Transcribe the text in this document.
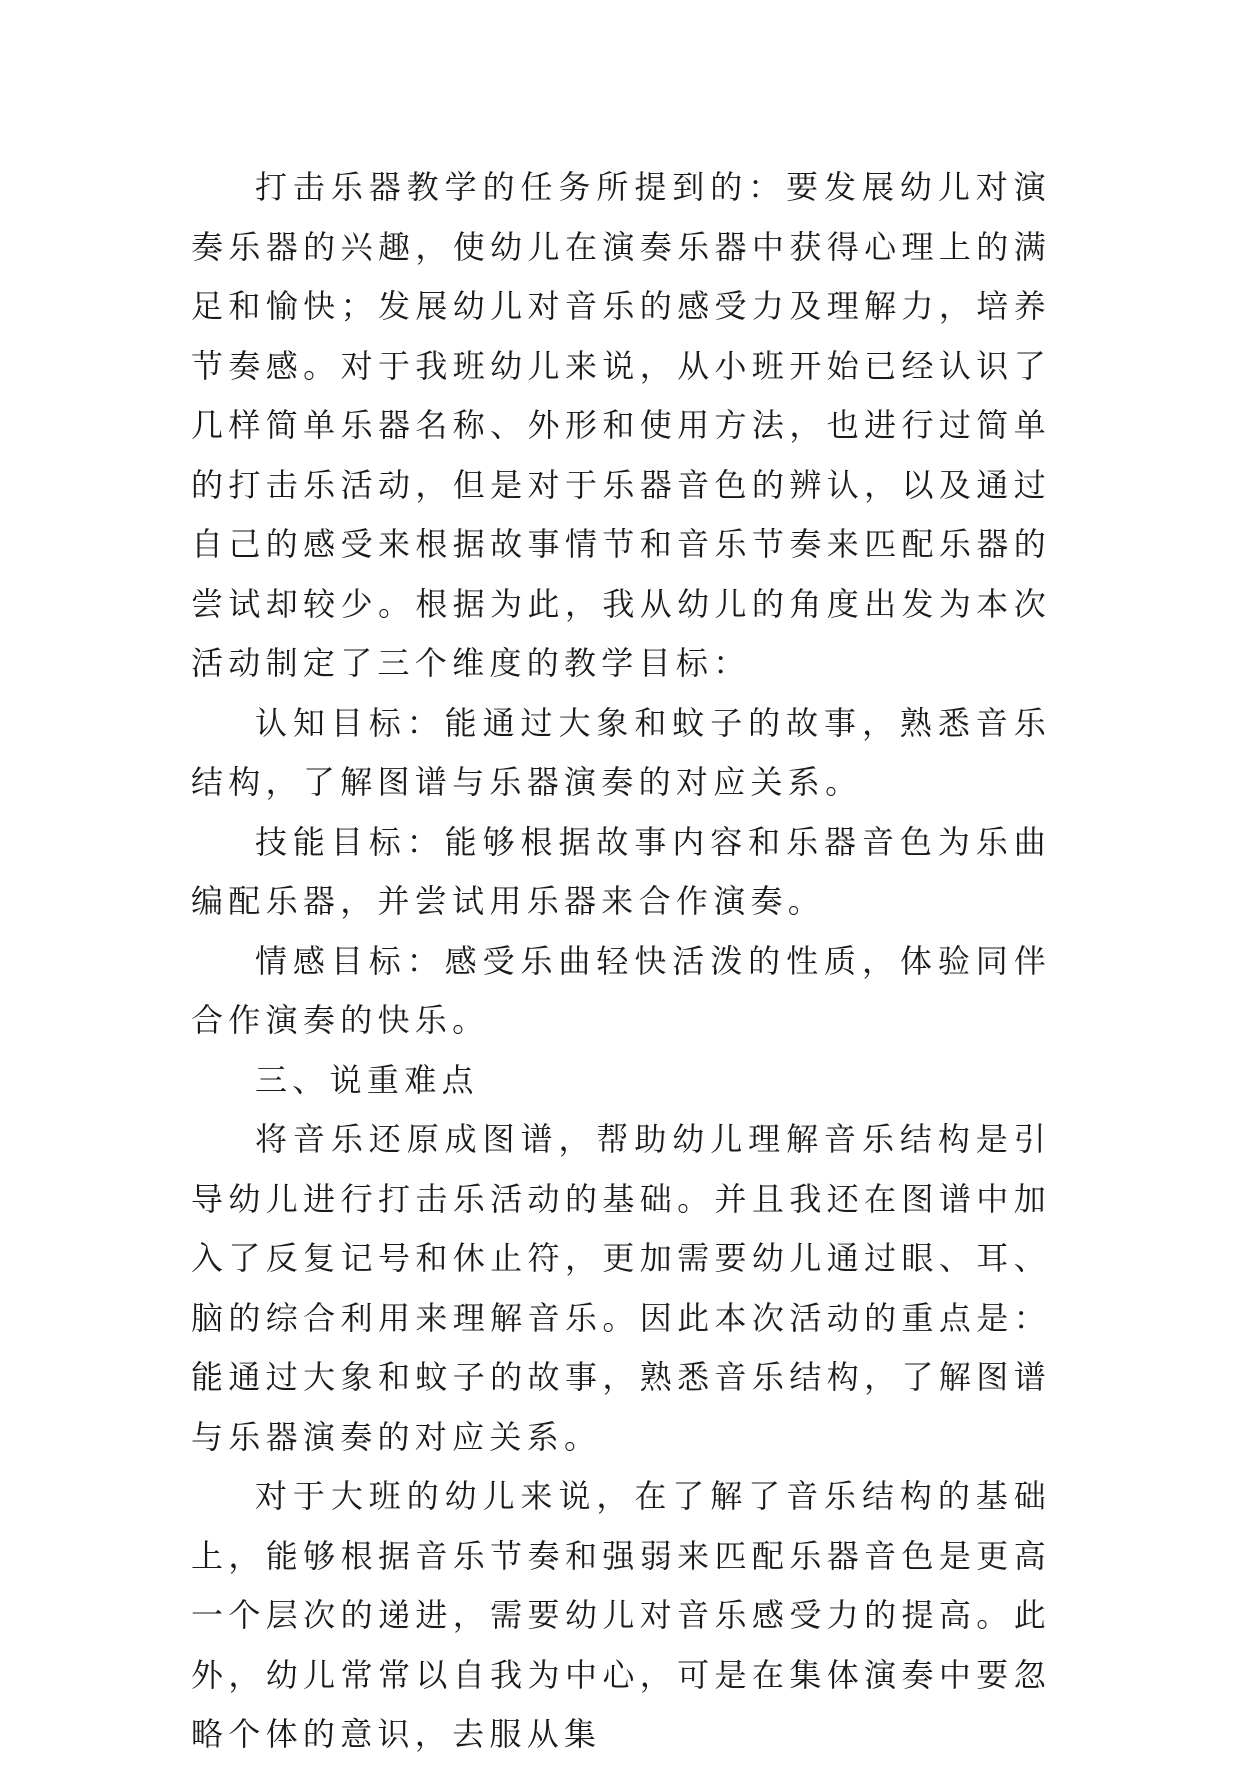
打击乐器教学的任务所提到的：要发展幼儿对演奏乐器的兴趣，使幼儿在演奏乐器中获得心理上的满足和愉快；发展幼儿对音乐的感受力及理解力，培养节奏感。对于我班幼儿来说，从小班开始已经认识了几样简单乐器名称、外形和使用方法，也进行过简单的打击乐活动，但是对于乐器音色的辨认，以及通过自己的感受来根据故事情节和音乐节奏来匹配乐器的尝试却较少。根据为此，我从幼儿的角度出发为本次活动制定了三个维度的教学目标：

认知目标：能通过大象和蚊子的故事，熟悉音乐结构，了解图谱与乐器演奏的对应关系。

技能目标：能够根据故事内容和乐器音色为乐曲编配乐器，并尝试用乐器来合作演奏。

情感目标：感受乐曲轻快活泼的性质，体验同伴合作演奏的快乐。

三、说重难点

将音乐还原成图谱，帮助幼儿理解音乐结构是引导幼儿进行打击乐活动的基础。并且我还在图谱中加入了反复记号和休止符，更加需要幼儿通过眼、耳、脑的综合利用来理解音乐。因此本次活动的重点是：能通过大象和蚊子的故事，熟悉音乐结构，了解图谱与乐器演奏的对应关系。

对于大班的幼儿来说，在了解了音乐结构的基础上，能够根据音乐节奏和强弱来匹配乐器音色是更高一个层次的递进，需要幼儿对音乐感受力的提高。此外，幼儿常常以自我为中心，可是在集体演奏中要忽略个体的意识，去服从集
